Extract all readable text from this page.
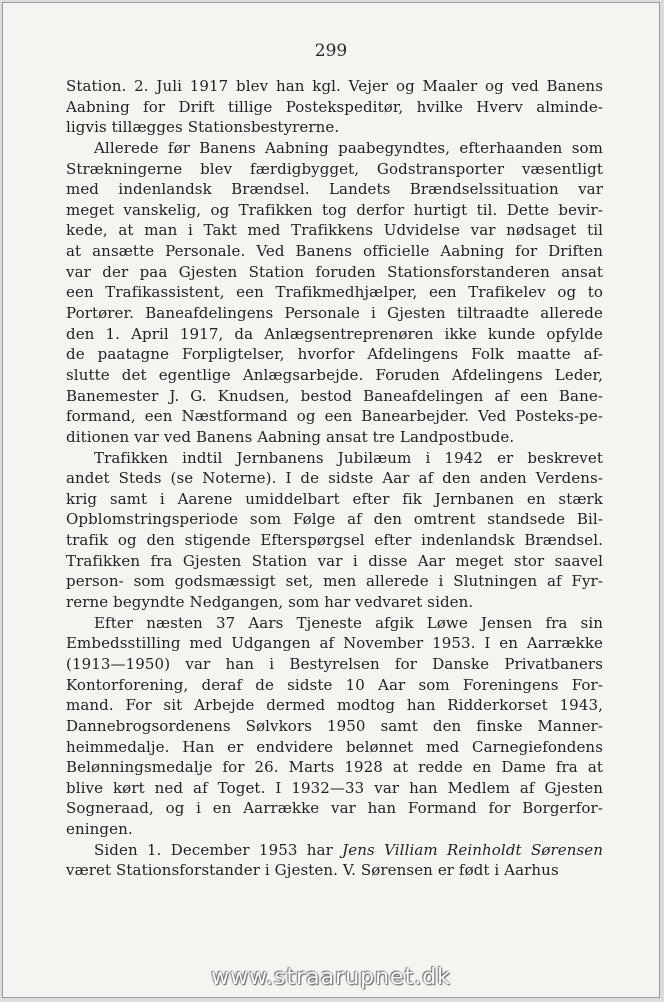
299
Station. 2. Juli 1917 blev han kgl. Vejer og Maaler og ved Banens
Aabning for Drift tillige Postekspeditør, hvilke Hverv alminde-
ligvis tillægges Stationsbestyrerne.
Allerede før Banens Aabning paabegyndtes, efterhaanden som
Strækningerne blev færdigbygget, Godstransporter væsentligt
med indenlandsk Brændsel. Landets Brændselssituation var
meget vanskelig, og Trafikken tog derfor hurtigt til. Dette bevir-
kede, at man i Takt med Trafikkens Udvidelse var nødsaget til
at ansætte Personale. Ved Banens officielle Aabning for Driften
var der paa Gjesten Station foruden Stationsforstanderen ansat
een Trafikassistent, een Trafikmedhjælper, een Trafikelev og to
Portører. Baneafdelingens Personale i Gjesten tiltraadte allerede
den 1. April 1917, da Anlægsentreprenøren ikke kunde opfylde
de paatagne Forpligtelser, hvorfor Afdelingens Folk maatte af-
slutte det egentlige Anlægsarbejde. Foruden Afdelingens Leder,
Banemester J. G. Knudsen, bestod Baneafdelingen af een Bane-
formand, een Næstformand og een Banearbejder. Ved Posteks-pe-
ditionen var ved Banens Aabning ansat tre Landpostbude.
Trafikken indtil Jernbanens Jubilæum i 1942 er beskrevet
andet Steds (se Noterne). I de sidste Aar af den anden Verdens-
krig samt i Aarene umiddelbart efter fik Jernbanen en stærk
Opblomstringsperiode som Følge af den omtrent standsede Bil-
trafik og den stigende Efterspørgsel efter indenlandsk Brændsel.
Trafikken fra Gjesten Station var i disse Aar meget stor saavel
person- som godsmæssigt set, men allerede i Slutningen af Fyr-
rerne begyndte Nedgangen, som har vedvaret siden.
Efter næsten 37 Aars Tjeneste afgik Løwe Jensen fra sin
Embedsstilling med Udgangen af November 1953. I en Aarrække
(1913—1950) var han i Bestyrelsen for Danske Privatbaners
Kontorforening, deraf de sidste 10 Aar som Foreningens For-
mand. For sit Arbejde dermed modtog han Ridderkorset 1943,
Dannebrogsordenens Sølvkors 1950 samt den finske Manner-
heimmedalje. Han er endvidere belønnet med Carnegiefondens
Belønningsmedalje for 26. Marts 1928 at redde en Dame fra at
blive kørt ned af Toget. I 1932—33 var han Medlem af Gjesten
Sogneraad, og i en Aarrække var han Formand for Borgerfor-
eningen.
Siden 1. December 1953 har Jens Villiam Reinholdt Sørensen
været Stationsforstander i Gjesten. V. Sørensen er født i Aarhus
www.straarupnet.dk
